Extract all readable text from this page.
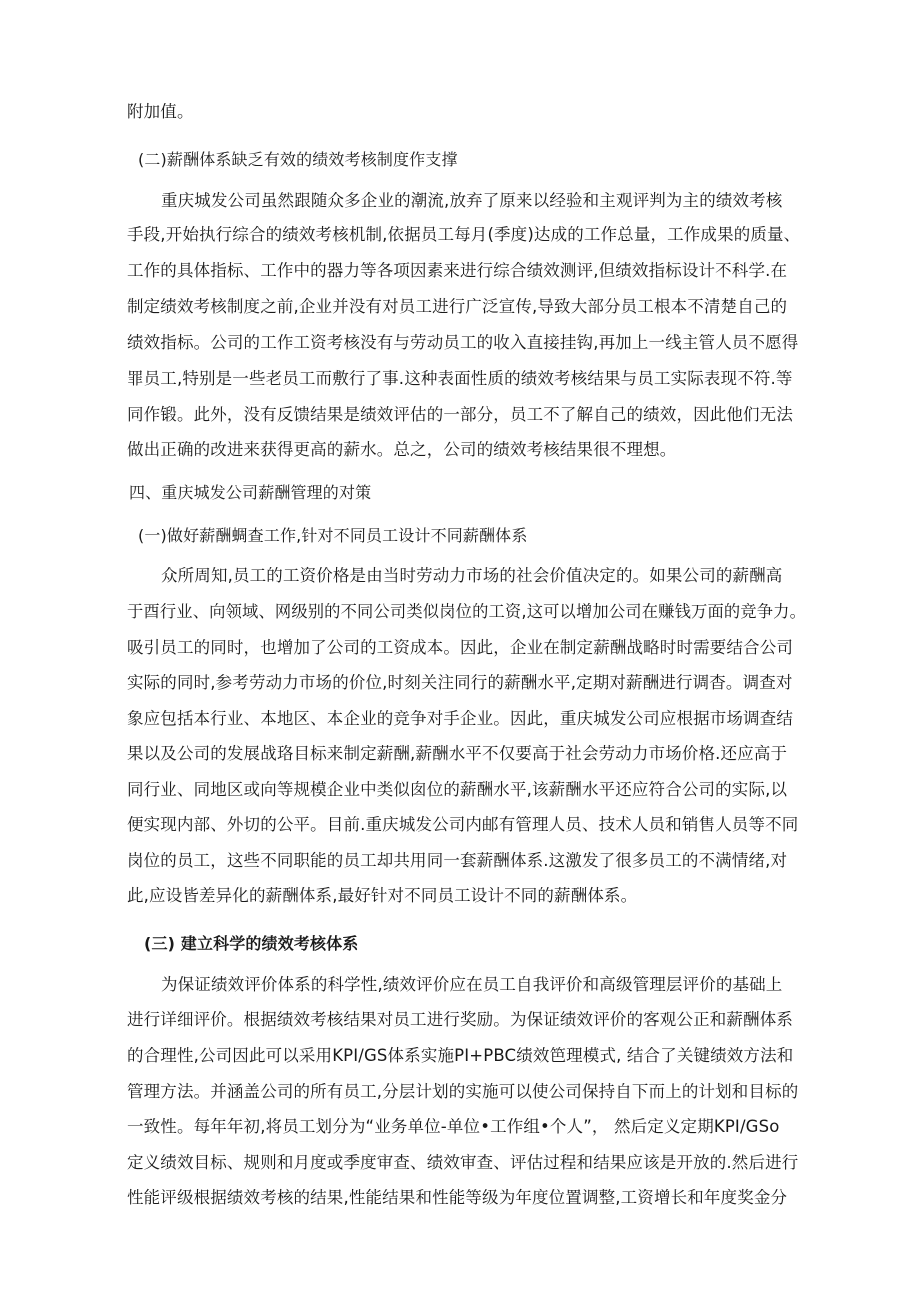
附加值。
(二)薪酬体系缺乏有效的绩效考核制度作支撑
重庆城发公司虽然跟随众多企业的潮流,放弃了原来以经验和主观评判为主的绩效考核
手段,开始执行综合的绩效考核机制,依据员工每月(季度)达成的工作总量，工作成果的质量、
工作的具体指标、工作中的器力等各项因素来进行综合绩效测评,但绩效指标设计不科学.在
制定绩效考核制度之前,企业并没有对员工进行广泛宣传,导致大部分员工根本不清楚自己的
绩效指标。公司的工作工资考核没有与劳动员工的收入直接挂钩,再加上一线主管人员不愿得
罪员工,特别是一些老员工而敷行了事.这种表面性质的绩效考核结果与员工实际表现不符.等
同作锻。此外，没有反馈结果是绩效评估的一部分，员工不了解自己的绩效，因此他们无法
做出正确的改进来获得更高的薪水。总之，公司的绩效考核结果很不理想。
四、重庆城发公司薪酬管理的对策
(一)做好薪酬蜩查工作,针对不同员工设计不同薪酬体系
众所周知,员工的工资价格是由当时劳动力市场的社会价值决定的。如果公司的薪酬高
于酉行业、向领域、网级别的不同公司类似岗位的工资,这可以增加公司在赚钱万面的竞争力。
吸引员工的同时，也增加了公司的工资成本。因此，企业在制定薪酬战略时时需要结合公司
实际的同时,参考劳动力市场的价位,时刻关注同行的薪酬水平,定期对薪酬进行调杳。调查对
象应包括本行业、本地区、本企业的竞争对手企业。因此，重庆城发公司应根据市场调查结
果以及公司的发展战珞目标来制定薪酬,薪酬水平不仅要高于社会劳动力市场价格.还应高于
同行业、同地区或向等规模企业中类似囱位的薪酬水平,该薪酬水平还应符合公司的实际,以
便实现内部、外切的公平。目前.重庆城发公司内邮有管理人员、技术人员和销售人员等不同
岗位的员工，这些不同职能的员工却共用同一套薪酬体系.这激发了很多员工的不满情绪,对
此,应设皆差异化的薪酬体系,最好针对不同员工设计不同的薪酬体系。
(三) 建立科学的绩效考核体系
为保证绩效评价体系的科学性,绩效评价应在员工自我评价和高级管理层评价的基础上
进行详细评价。根据绩效考核结果对员工进行奖励。为保证绩效评价的客观公正和薪酬体系
的合理性,公司因此可以采用KPI/GS体系实施PI+PBC绩效笆理模式, 结合了关键绩效方法和
管理方法。并涵盖公司的所有员工,分层计划的实施可以使公司保持自下而上的计划和目标的
一致性。每年年初,将员工划分为“业务单位-单位•工作组•个人”， 然后定义定期KPI/GSo
定义绩效目标、规则和月度或季度审查、绩效审查、评估过程和结果应该是开放的.然后进行
性能评级根据绩效考核的结果,性能结果和性能等级为年度位置调整,工资增长和年度奖金分
